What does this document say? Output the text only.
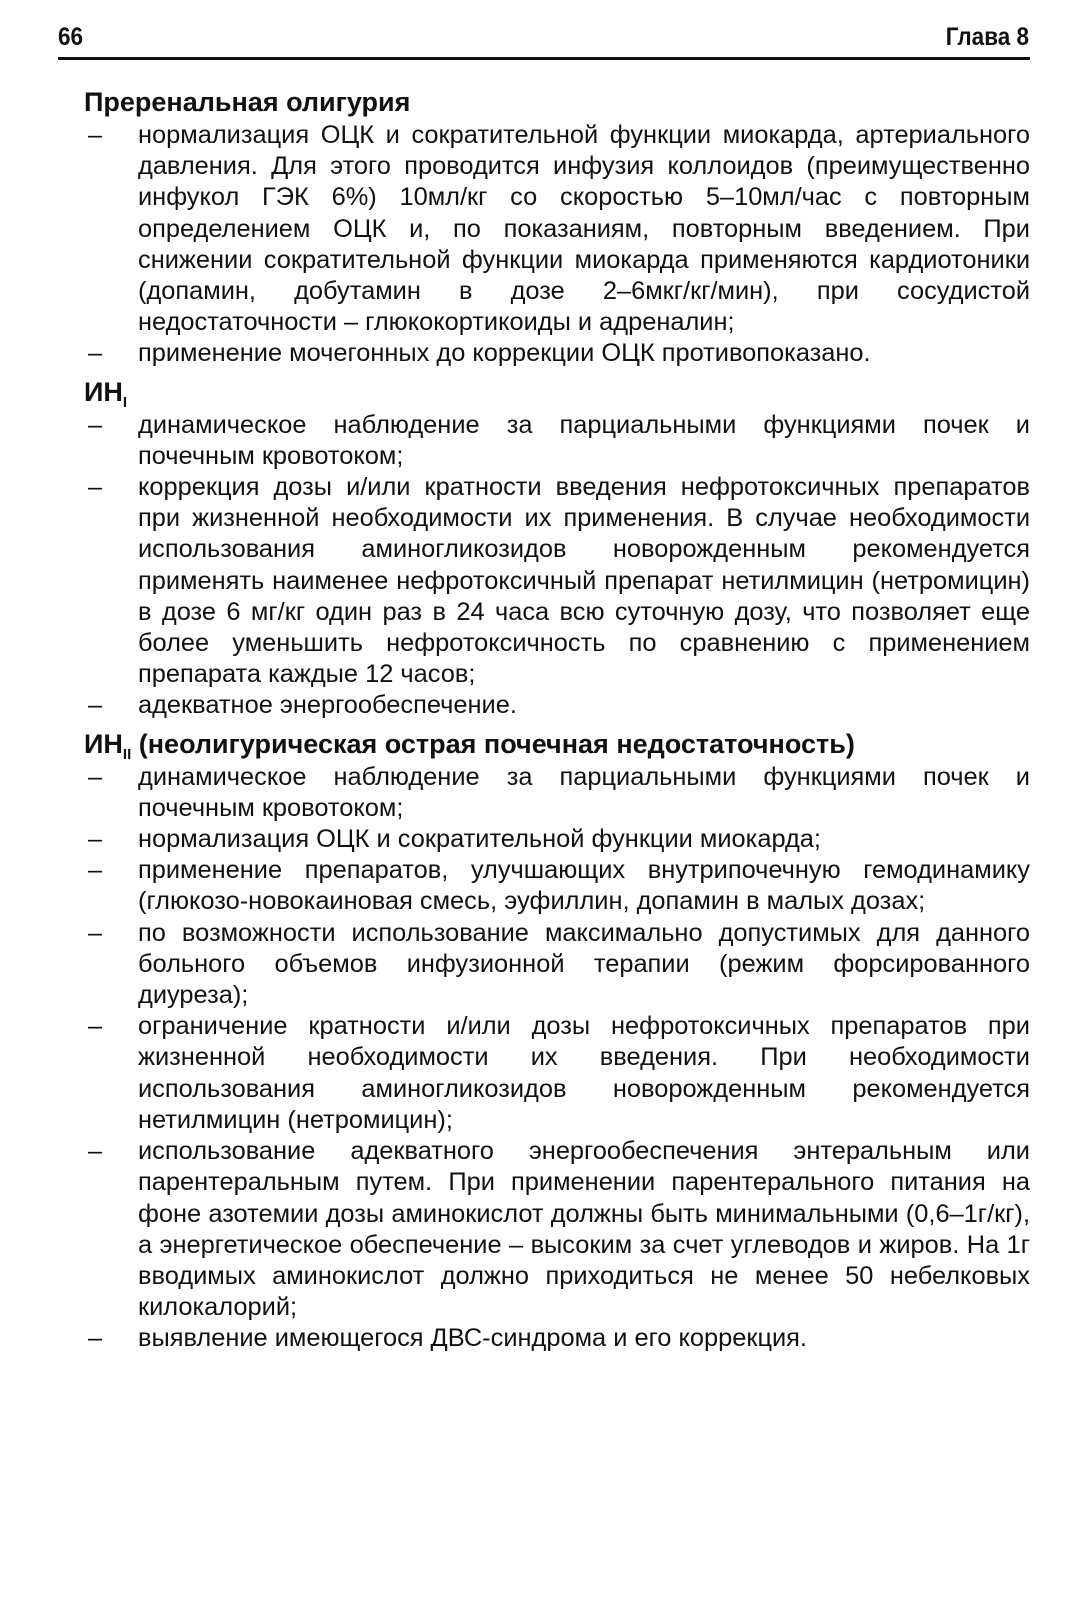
66	Глава 8
Преренальная олигурия
– нормализация ОЦК и сократительной функции миокарда, артериального давления. Для этого проводится инфузия коллоидов (преимущественно инфукол ГЭК 6%) 10мл/кг со скоростью 5–10мл/час с повторным определением ОЦК и, по показаниям, повторным введением. При снижении сократительной функции миокарда применяются кардиотоники (допамин, добутамин в дозе 2–6мкг/кг/мин), при сосудистой недостаточности – глюкокортикоиды и адреналин;
– применение мочегонных до коррекции ОЦК противопоказано.
$ИН_I$
– динамическое наблюдение за парциальными функциями почек и почечным кровотоком;
– коррекция дозы и/или кратности введения нефротоксичных препаратов при жизненной необходимости их применения. В случае необходимости использования аминогликозидов новорожденным рекомендуется применять наименее нефротоксичный препарат нетилмицин (нетромицин) в дозе 6 мг/кг один раз в 24 часа всю суточную дозу, что позволяет еще более уменьшить нефротоксичность по сравнению с применением препарата каждые 12 часов;
– адекватное энергообеспечение.
$ИН_{II}$ (неолигурическая острая почечная недостаточность)
– динамическое наблюдение за парциальными функциями почек и почечным кровотоком;
– нормализация ОЦК и сократительной функции миокарда;
– применение препаратов, улучшающих внутрипочечную гемодинамику (глюкозо-новокаиновая смесь, эуфиллин, допамин в малых дозах;
– по возможности использование максимально допустимых для данного больного объемов инфузионной терапии (режим форсированного диуреза);
– ограничение кратности и/или дозы нефротоксичных препаратов при жизненной необходимости их введения. При необходимости использования аминогликозидов новорожденным рекомендуется нетилмицин (нетромицин);
– использование адекватного энергообеспечения энтеральным или парентеральным путем. При применении парентерального питания на фоне азотемии дозы аминокислот должны быть минимальными (0,6–1г/кг), а энергетическое обеспечение – высоким за счет углеводов и жиров. На 1г вводимых аминокислот должно приходиться не менее 50 небелковых килокалорий;
– выявление имеющегося ДВС-синдрома и его коррекция.
